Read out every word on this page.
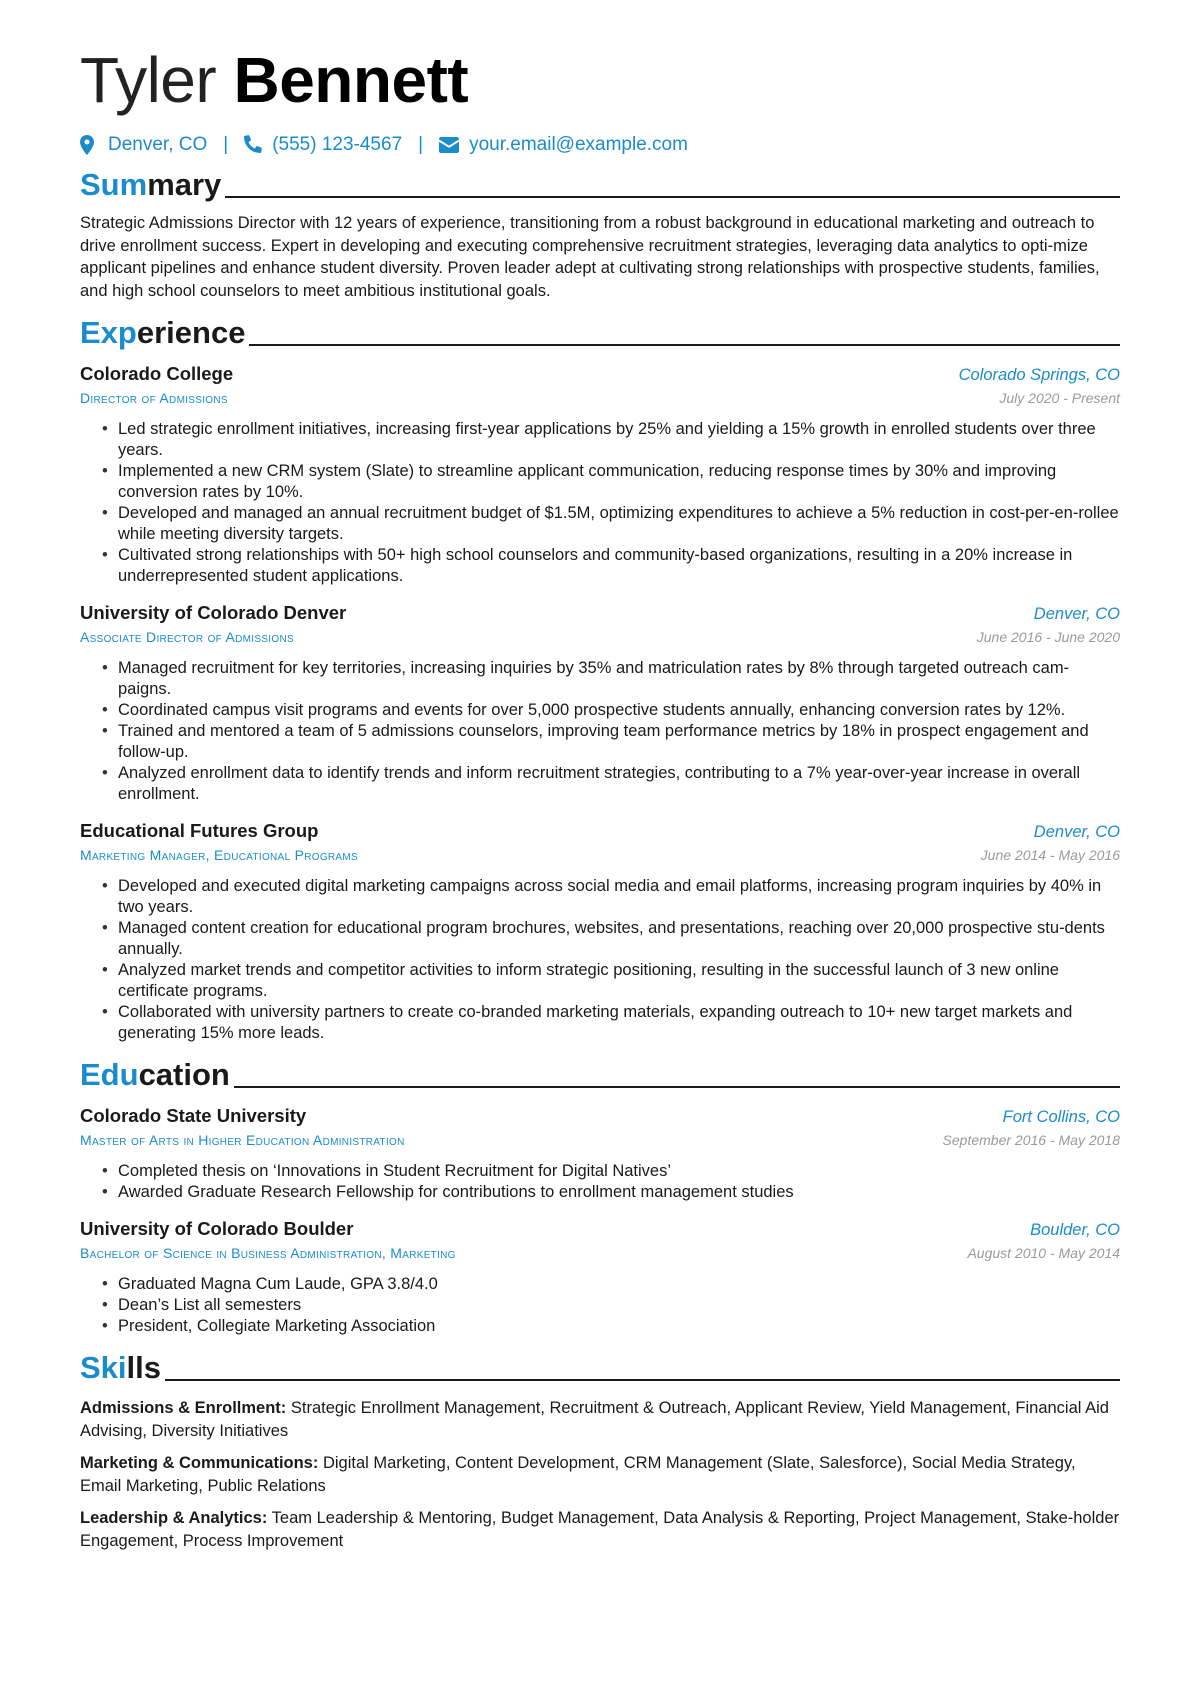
Tyler Bennett
Denver, CO | (555) 123-4567 | your.email@example.com
Summary

Strategic Admissions Director with 12 years of experience, transitioning from a robust background in educational marketing and outreach to drive enrollment success. Expert in developing and executing comprehensive recruitment strategies, leveraging data analytics to opti-mize applicant pipelines and enhance student diversity. Proven leader adept at cultivating strong relationships with prospective students, families, and high school counselors to meet ambitious institutional goals.

Experience
Colorado College	Colorado Springs, CO
Director of Admissions	July 2020 - Present
• Led strategic enrollment initiatives, increasing first-year applications by 25% and yielding a 15% growth in enrolled students over three years.
• Implemented a new CRM system (Slate) to streamline applicant communication, reducing response times by 30% and improving conversion rates by 10%.
• Developed and managed an annual recruitment budget of $1.5M, optimizing expenditures to achieve a 5% reduction in cost-per-en-rollee while meeting diversity targets.
• Cultivated strong relationships with 50+ high school counselors and community-based organizations, resulting in a 20% increase in underrepresented student applications.
University of Colorado Denver	Denver, CO
Associate Director of Admissions	June 2016 - June 2020
• Managed recruitment for key territories, increasing inquiries by 35% and matriculation rates by 8% through targeted outreach cam-paigns.
• Coordinated campus visit programs and events for over 5,000 prospective students annually, enhancing conversion rates by 12%.
• Trained and mentored a team of 5 admissions counselors, improving team performance metrics by 18% in prospect engagement and follow-up.
• Analyzed enrollment data to identify trends and inform recruitment strategies, contributing to a 7% year-over-year increase in overall enrollment.
Educational Futures Group	Denver, CO
Marketing Manager, Educational Programs	June 2014 - May 2016
• Developed and executed digital marketing campaigns across social media and email platforms, increasing program inquiries by 40% in two years.
• Managed content creation for educational program brochures, websites, and presentations, reaching over 20,000 prospective stu-dents annually.
• Analyzed market trends and competitor activities to inform strategic positioning, resulting in the successful launch of 3 new online certificate programs.
• Collaborated with university partners to create co-branded marketing materials, expanding outreach to 10+ new target markets and generating 15% more leads.
Education
Colorado State University	Fort Collins, CO
Master of Arts in Higher Education Administration	September 2016 - May 2018
• Completed thesis on ‘Innovations in Student Recruitment for Digital Natives’
• Awarded Graduate Research Fellowship for contributions to enrollment management studies
University of Colorado Boulder	Boulder, CO
Bachelor of Science in Business Administration, Marketing	August 2010 - May 2014
• Graduated Magna Cum Laude, GPA 3.8/4.0
• Dean’s List all semesters
• President, Collegiate Marketing Association
Skills
Admissions & Enrollment: Strategic Enrollment Management, Recruitment & Outreach, Applicant Review, Yield Management, Financial Aid Advising, Diversity Initiatives
Marketing & Communications: Digital Marketing, Content Development, CRM Management (Slate, Salesforce), Social Media Strategy, Email Marketing, Public Relations
Leadership & Analytics: Team Leadership & Mentoring, Budget Management, Data Analysis & Reporting, Project Management, Stake-holder Engagement, Process Improvement
